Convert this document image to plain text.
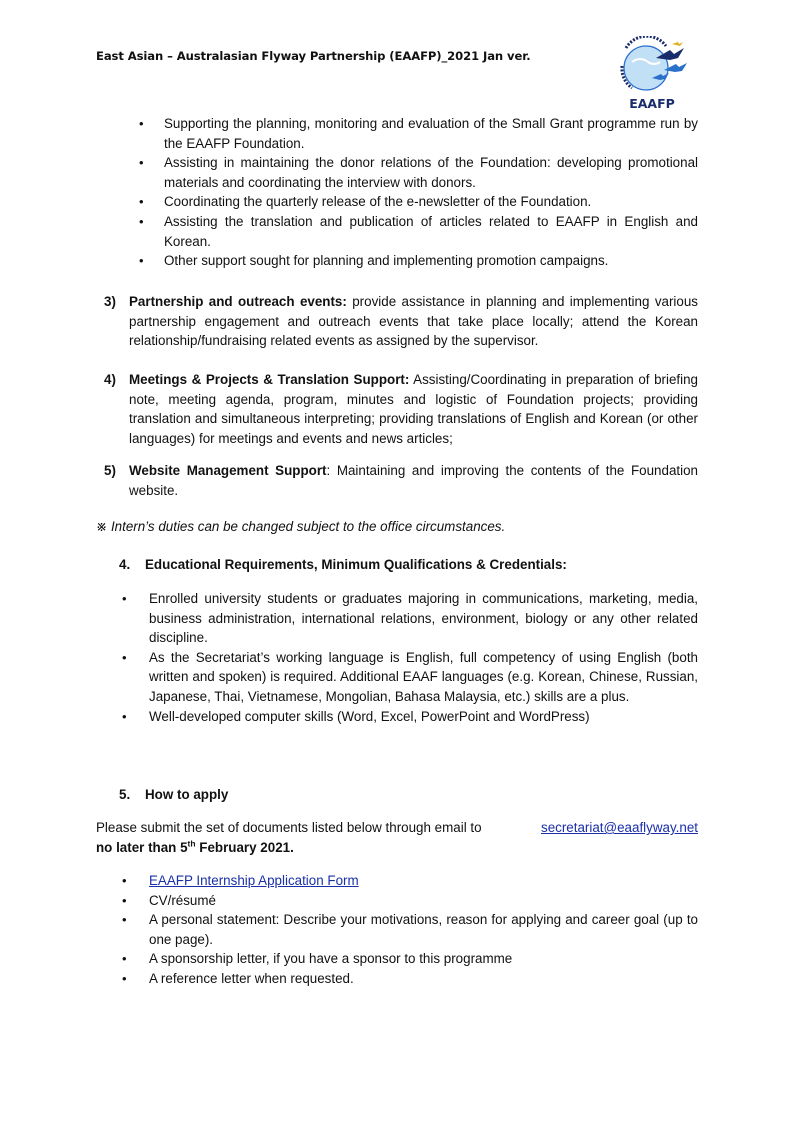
East Asian – Australasian Flyway Partnership (EAAFP)_2021 Jan ver.
EAAFP
• Supporting the planning, monitoring and evaluation of the Small Grant programme run by the EAAFP Foundation.
• Assisting in maintaining the donor relations of the Foundation: developing promotional materials and coordinating the interview with donors.
• Coordinating the quarterly release of the e-newsletter of the Foundation.
• Assisting the translation and publication of articles related to EAAFP in English and Korean.
• Other support sought for planning and implementing promotion campaigns.
3) Partnership and outreach events: provide assistance in planning and implementing various partnership engagement and outreach events that take place locally; attend the Korean relationship/fundraising related events as assigned by the supervisor.
4) Meetings & Projects & Translation Support: Assisting/Coordinating in preparation of briefing note, meeting agenda, program, minutes and logistic of Foundation projects; providing translation and simultaneous interpreting; providing translations of English and Korean (or other languages) for meetings and events and news articles;
5) Website Management Support: Maintaining and improving the contents of the Foundation website.
※ Intern’s duties can be changed subject to the office circumstances.
4. Educational Requirements, Minimum Qualifications & Credentials:
• Enrolled university students or graduates majoring in communications, marketing, media, business administration, international relations, environment, biology or any other related discipline.
• As the Secretariat’s working language is English, full competency of using English (both written and spoken) is required. Additional EAAF languages (e.g. Korean, Chinese, Russian, Japanese, Thai, Vietnamese, Mongolian, Bahasa Malaysia, etc.) skills are a plus.
• Well-developed computer skills (Word, Excel, PowerPoint and WordPress)
5. How to apply
Please submit the set of documents listed below through email to	secretariat@eaaflyway.net
no later than 5th February 2021.
• EAAFP Internship Application Form
• CV/résumé
• A personal statement: Describe your motivations, reason for applying and career goal (up to one page).
• A sponsorship letter, if you have a sponsor to this programme
• A reference letter when requested.
